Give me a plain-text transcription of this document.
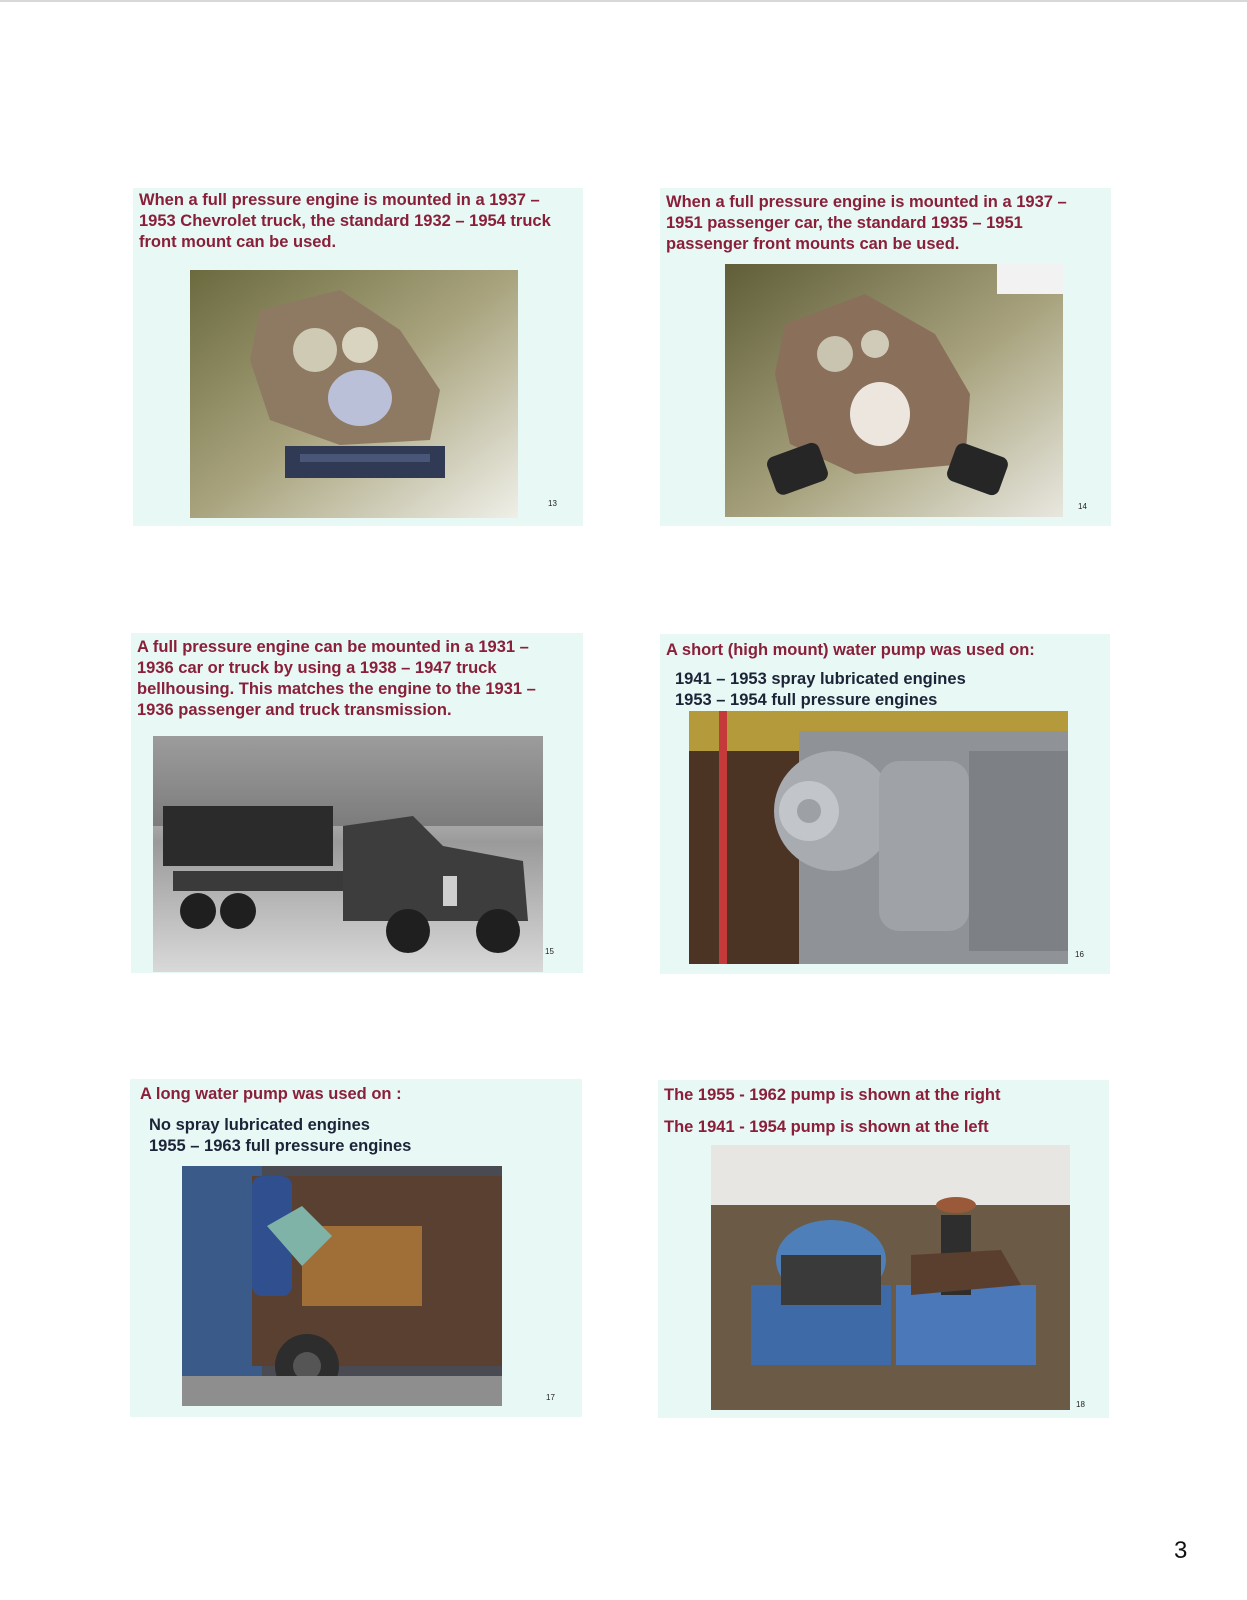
When a full pressure engine is mounted in a 1937 – 1953 Chevrolet truck, the standard 1932 – 1954 truck front mount can be used.
13
When a full pressure engine is mounted in a 1937 – 1951 passenger car, the standard 1935 – 1951 passenger front mounts can be used.
14
A full pressure engine can be mounted in a 1931 – 1936 car or truck by using a 1938 – 1947 truck bellhousing. This matches the engine to the 1931 – 1936 passenger and truck transmission.
15
A short (high mount) water pump was used on:
1941 – 1953 spray lubricated engines
1953 – 1954 full pressure engines
16
A long water pump was used on :
No spray lubricated engines
1955 – 1963 full pressure engines
17
The 1955 - 1962 pump is shown at the right
The 1941 - 1954 pump is shown at the left
18
3
